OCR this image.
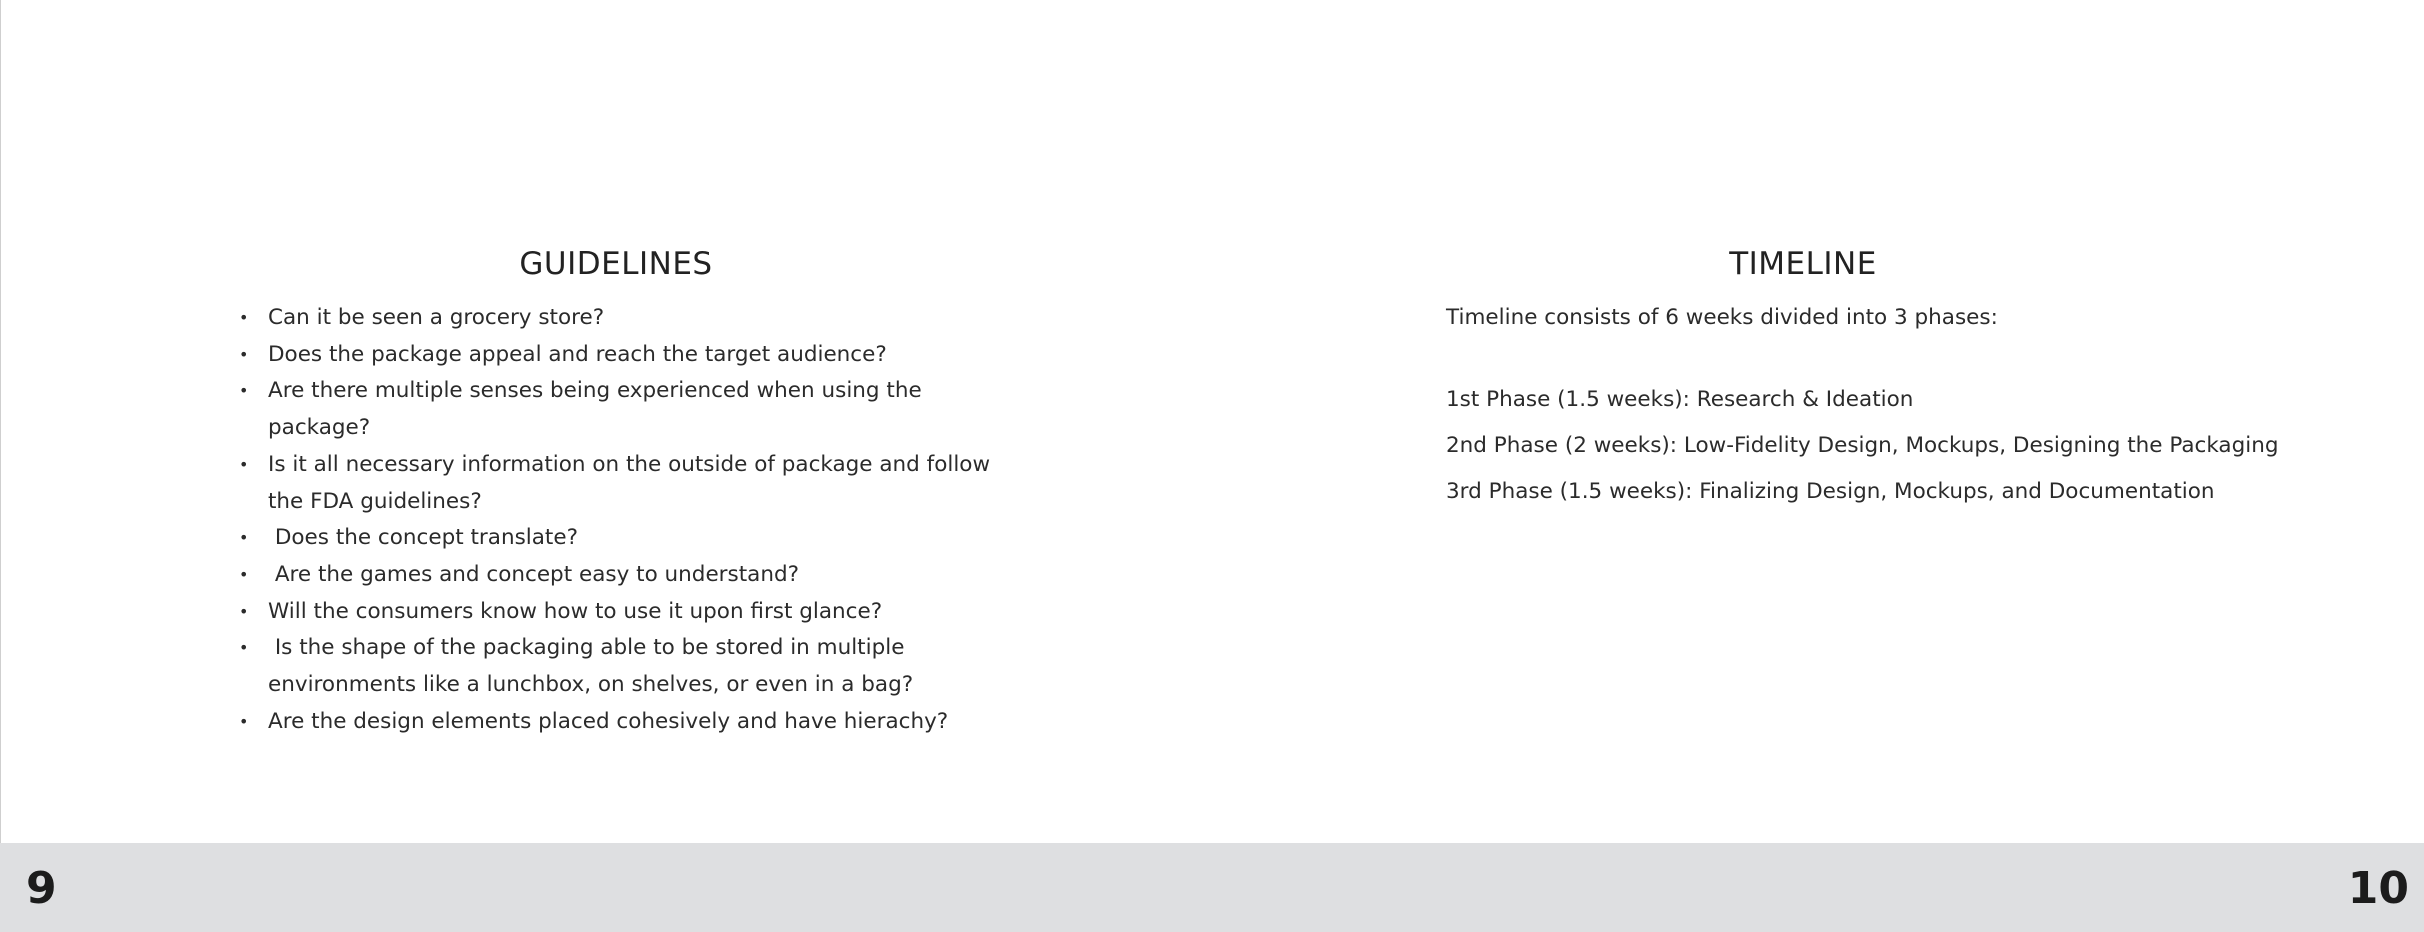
GUIDELINES
• Can it be seen a grocery store?
• Does the package appeal and reach the target audience?
• Are there multiple senses being experienced when using the package?
• Is it all necessary information on the outside of package and follow the FDA guidelines?
• Does the concept translate?
• Are the games and concept easy to understand?
• Will the consumers know how to use it upon first glance?
• Is the shape of the packaging able to be stored in multiple environments like a lunchbox, on shelves, or even in a bag?
• Are the design elements placed cohesively and have hierachy?
TIMELINE

Timeline consists of 6 weeks divided into 3 phases:

1st Phase (1.5 weeks): Research & Ideation

2nd Phase (2 weeks): Low-Fidelity Design, Mockups, Designing the Packaging

3rd Phase (1.5 weeks): Finalizing Design, Mockups, and Documentation

9	10
